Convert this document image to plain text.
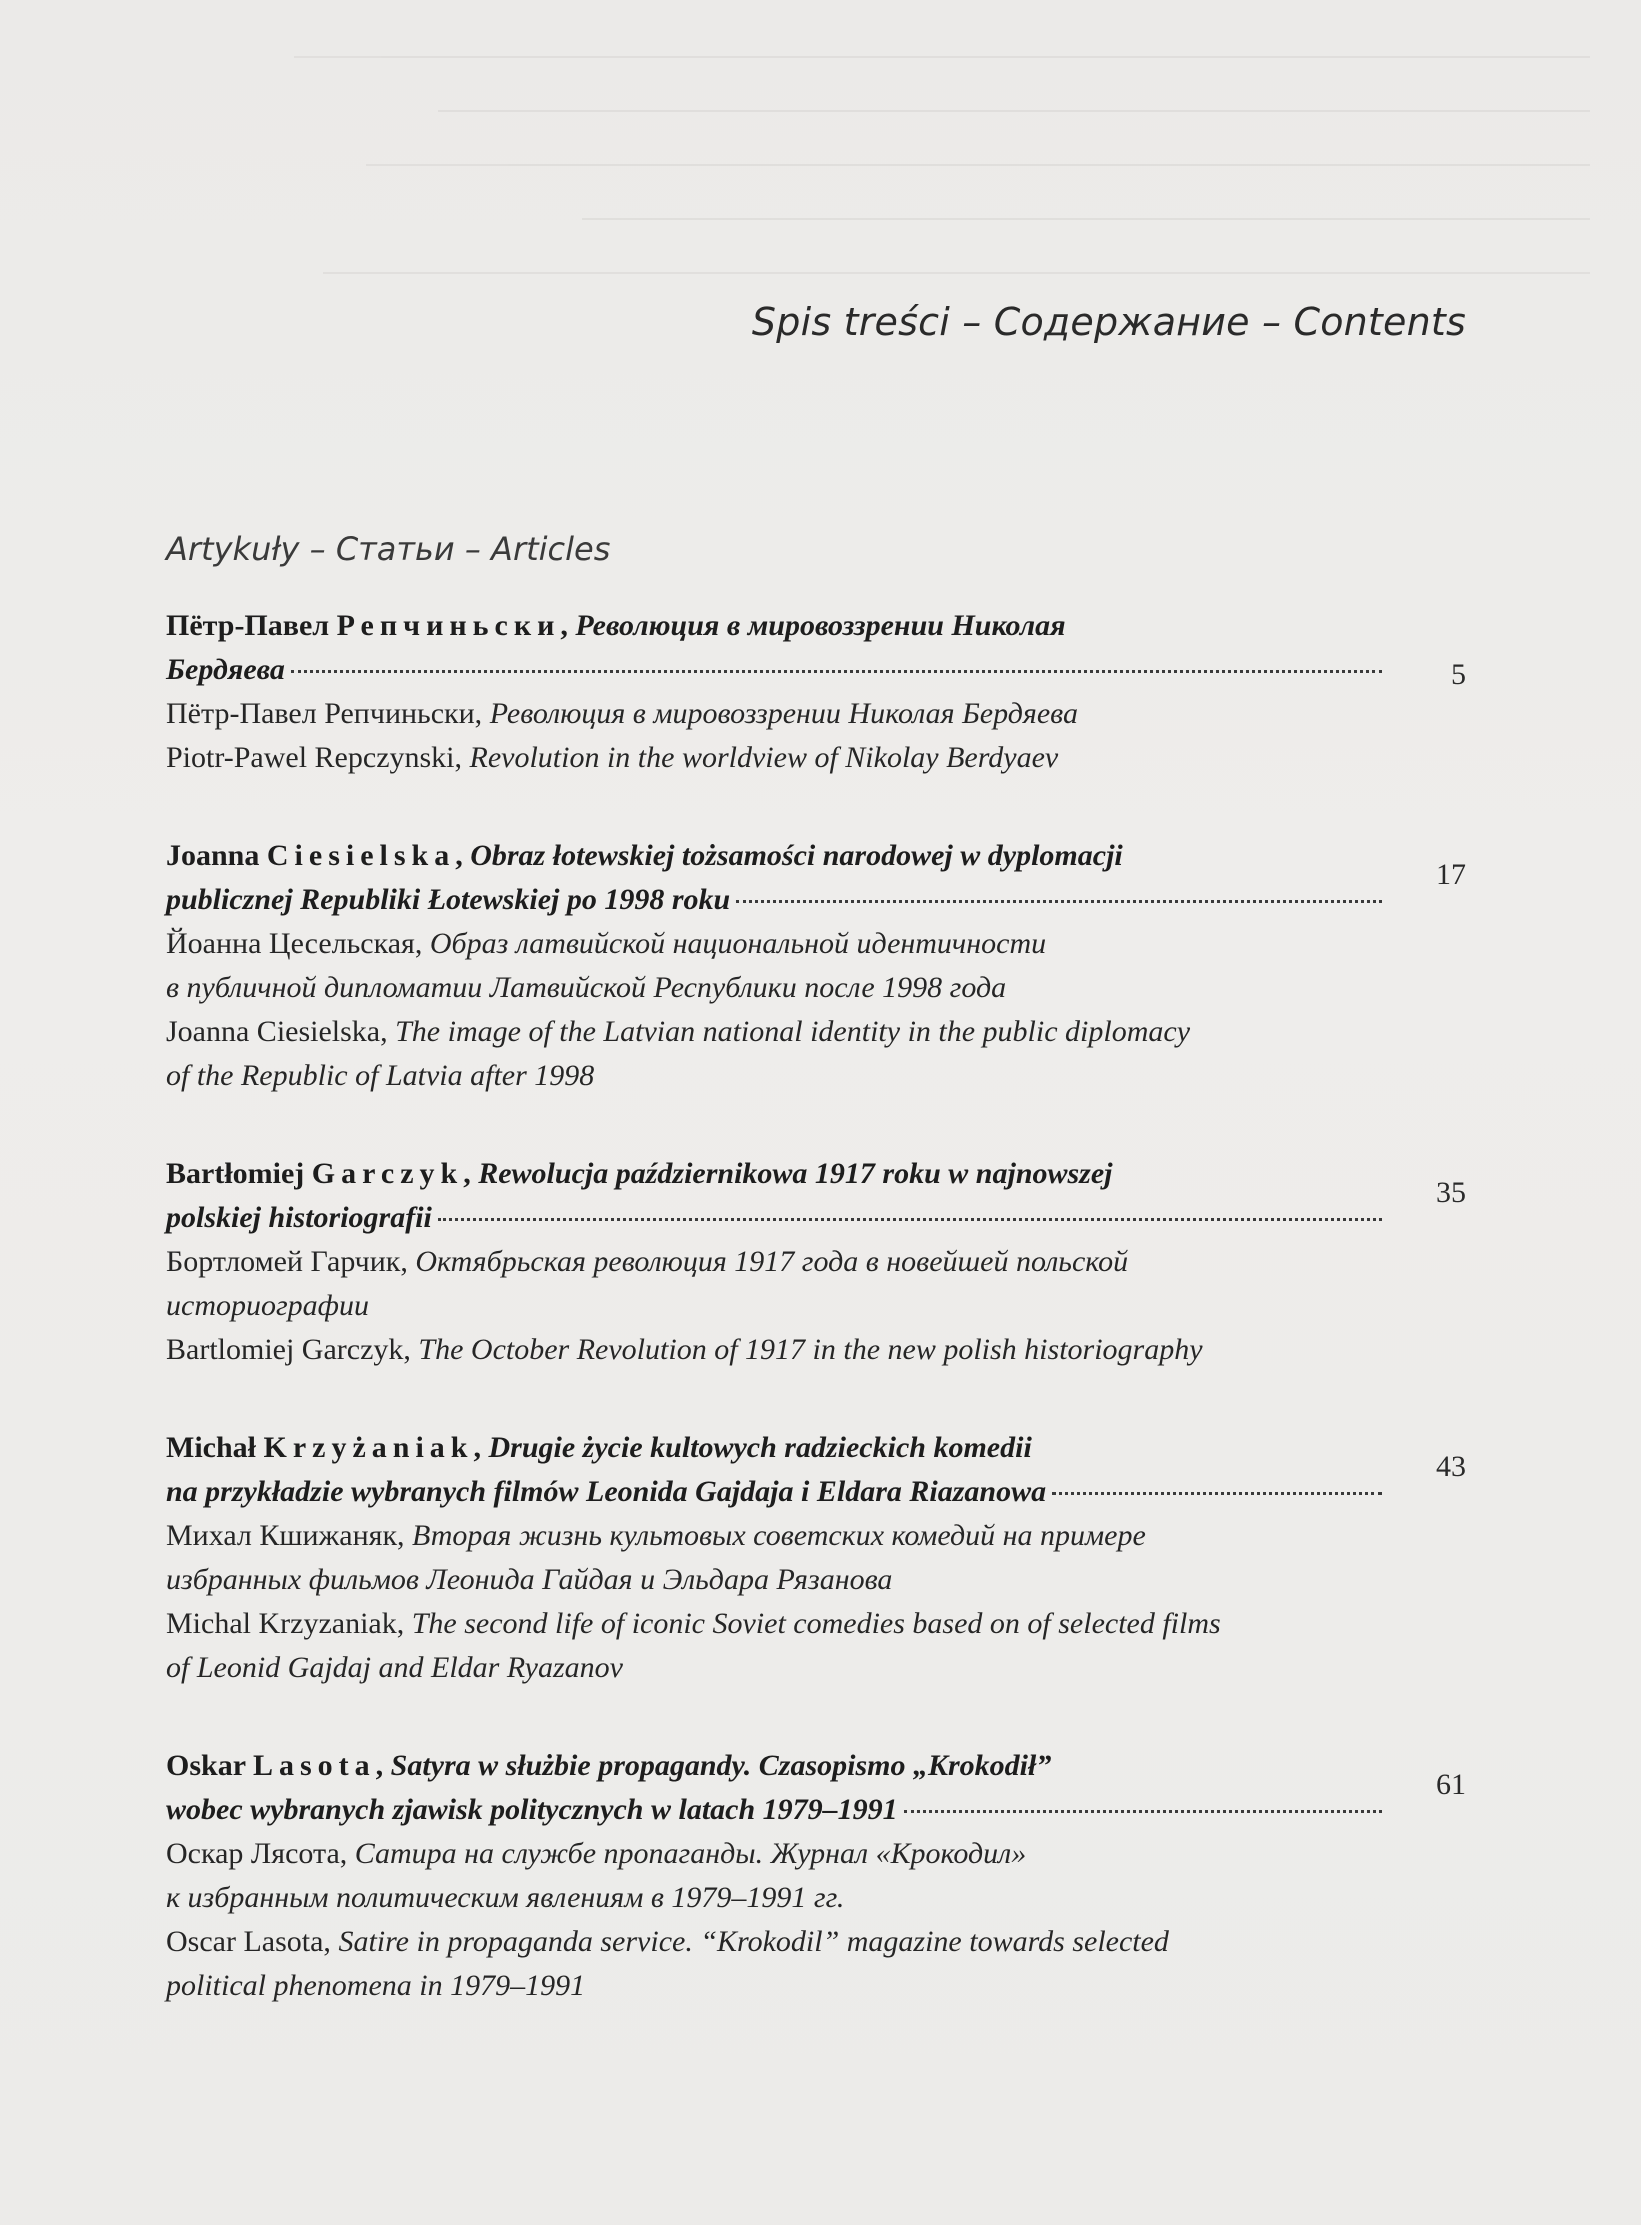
Spis treści – Содержание – Contents
Artykuły – Статьи – Articles
Пётр-Павел Репчиньски, Революция в мировоззрении Николая
Бердяева	5
Пётр-Павел Репчиньски, Революция в мировоззрении Николая Бердяева
Piotr-Pawel Repczynski, Revolution in the worldview of Nikolay Berdyaev
Joanna Ciesielska, Obraz łotewskiej tożsamości narodowej w dyplomacji
publicznej Republiki Łotewskiej po 1998 roku
17
Йоанна Цесельская, Образ латвийской национальной идентичности
в публичной дипломатии Латвийской Республики после 1998 года
Joanna Ciesielska, The image of the Latvian national identity in the public diplomacy
of the Republic of Latvia after 1998
Bartłomiej Garczyk, Rewolucja październikowa 1917 roku w najnowszej
polskiej historiografii
35
Бортломей Гарчик, Октябрьская революция 1917 года в новейшей польской
историографии
Bartlomiej Garczyk, The October Revolution of 1917 in the new polish historiography
Michał Krzyżaniak, Drugie życie kultowych radzieckich komedii
na przykładzie wybranych filmów Leonida Gajdaja i Eldara Riazanowa
43
Михал Кшижаняк, Вторая жизнь культовых советских комедий на примере
избранных фильмов Леонида Гайдая и Эльдара Рязанова
Michal Krzyzaniak, The second life of iconic Soviet comedies based on of selected films
of Leonid Gajdaj and Eldar Ryazanov
Oskar Lasota, Satyra w służbie propagandy. Czasopismo „Krokodił”
wobec wybranych zjawisk politycznych w latach 1979–1991
61
Оскар Лясота, Сатира на службе пропаганды. Журнал «Крокодил»
к избранным политическим явлениям в 1979–1991 гг.
Oscar Lasota, Satire in propaganda service. “Krokodil” magazine towards selected
political phenomena in 1979–1991
